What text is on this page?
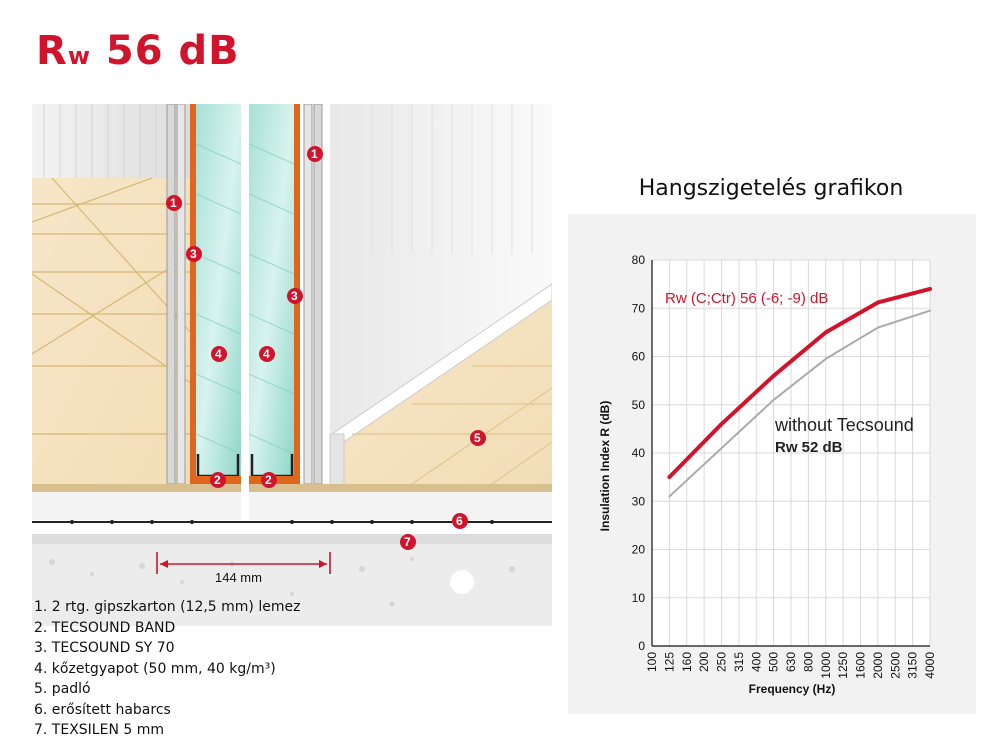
Rw 56 dB
144 mm
1
1
2	2
3
3
4	4
5
6
7
1. 2 rtg. gipszkarton (12,5 mm) lemez
2. TECSOUND BAND
3. TECSOUND SY 70
4. kőzetgyapot (50 mm, 40 kg/m³)
5. padló
6. erősített habarcs
7. TEXSILEN 5 mm
Hangszigetelés grafikon
100 125 160 200 250 315 400 500 630 800 1000 1250 1600 2000 2500 3150 4000
0
10
20
30
40
50
60
70
80
Insulation Index R (dB)
Frequency (Hz)
Rw (C;Ctr) 56 (-6; -9) dB
without Tecsound
Rw 52 dB
